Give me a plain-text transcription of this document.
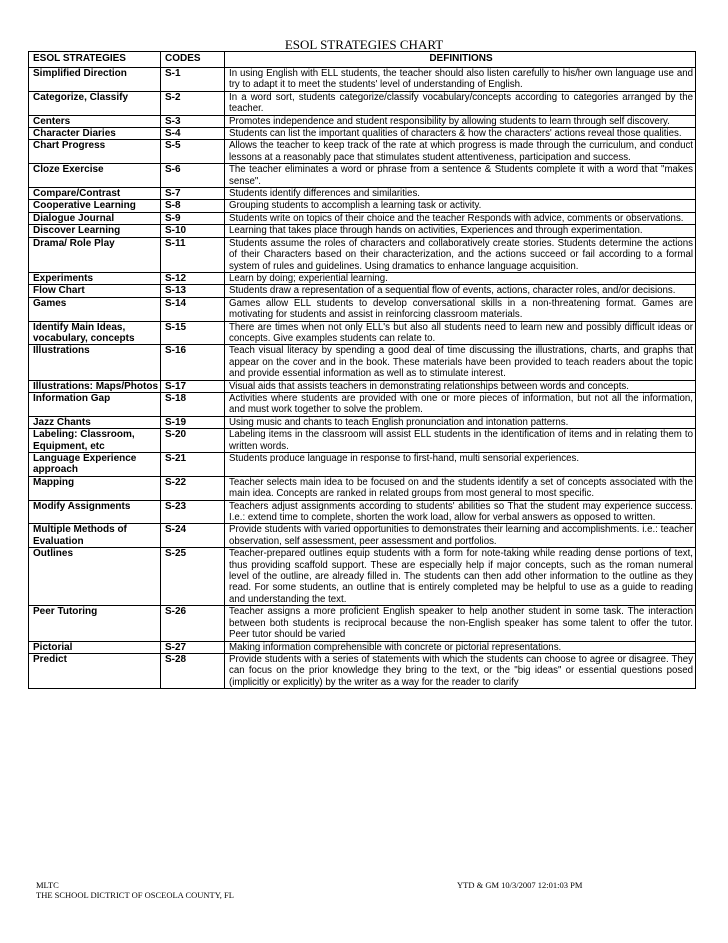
ESOL STRATEGIES CHART
ESOL STRATEGIES	CODES	DEFINITIONS
Simplified Direction	S-1	In using English with ELL students, the teacher should also listen carefully to his/her own language use and try to adapt it to meet the students' level of understanding of English.
Categorize, Classify	S-2	In a word sort, students categorize/classify vocabulary/concepts according to categories arranged by the teacher.
Centers	S-3	Promotes independence and student responsibility by allowing students to learn through self discovery.
Character Diaries	S-4	Students can list the important qualities of characters & how the characters' actions reveal those qualities.
Chart Progress	S-5	Allows the teacher to keep track of the rate at which progress is made through the curriculum, and conduct lessons at a reasonably pace that stimulates student attentiveness, participation and success.
Cloze Exercise	S-6	The teacher eliminates a word or phrase from a sentence & Students complete it with a word that "makes sense".
Compare/Contrast	S-7	Students identify differences and similarities.
Cooperative Learning	S-8	Grouping students to accomplish a learning task or activity.
Dialogue Journal	S-9	Students write on topics of their choice and the teacher Responds with advice, comments or observations.
Discover Learning	S-10	Learning that takes place through hands on activities, Experiences and through experimentation.
Drama/ Role Play	S-11	Students assume the roles of characters and collaboratively create stories. Students determine the actions of their Characters based on their characterization, and the actions succeed or fail according to a formal system of rules and guidelines. Using dramatics to enhance language acquisition.
Experiments	S-12	Learn by doing; experiential learning.
Flow Chart	S-13	Students draw a representation of a sequential flow of events, actions, character roles, and/or decisions.
Games	S-14	Games allow ELL students to develop conversational skills in a non-threatening format. Games are motivating for students and assist in reinforcing classroom materials.
Identify Main Ideas, vocabulary, concepts	S-15	There are times when not only ELL's but also all students need to learn new and possibly difficult ideas or concepts. Give examples students can relate to.
Illustrations	S-16	Teach visual literacy by spending a good deal of time discussing the illustrations, charts, and graphs that appear on the cover and in the book. These materials have been provided to teach readers about the topic and provide essential information as well as to stimulate interest.
Illustrations: Maps/Photos	S-17	Visual aids that assists teachers in demonstrating relationships between words and concepts.
Information Gap	S-18	Activities where students are provided with one or more pieces of information, but not all the information, and must work together to solve the problem.
Jazz Chants	S-19	Using music and chants to teach English pronunciation and intonation patterns.
Labeling: Classroom, Equipment, etc	S-20	Labeling items in the classroom will assist ELL students in the identification of items and in relating them to written words.
Language Experience approach	S-21	Students produce language in response to first-hand, multi sensorial experiences.
Mapping	S-22	Teacher selects main idea to be focused on and the students identify a set of concepts associated with the main idea. Concepts are ranked in related groups from most general to most specific.
Modify Assignments	S-23	Teachers adjust assignments according to students' abilities so That the student may experience success. I.e.: extend time to complete, shorten the work load, allow for verbal answers as opposed to written.
Multiple Methods of Evaluation	S-24	Provide students with varied opportunities to demonstrates their learning and accomplishments. i.e.: teacher observation, self assessment, peer assessment and portfolios.
Outlines	S-25	Teacher-prepared outlines equip students with a form for note-taking while reading dense portions of text, thus providing scaffold support. These are especially help if major concepts, such as the roman numeral level of the outline, are already filled in. The students can then add other information to the outline as they read. For some students, an outline that is entirely completed may be helpful to use as a guide to reading and understanding the text.
Peer Tutoring	S-26	Teacher assigns a more proficient English speaker to help another student in some task. The interaction between both students is reciprocal because the non-English speaker has some talent to offer the tutor. Peer tutor should be varied
Pictorial	S-27	Making information comprehensible with concrete or pictorial representations.
Predict	S-28	Provide students with a series of statements with which the students can choose to agree or disagree. They can focus on the prior knowledge they bring to the text, or the "big ideas" or essential questions posed (implicitly or explicitly) by the writer as a way for the reader to clarify
MLTC
THE SCHOOL DICTRICT OF OSCEOLA COUNTY, FL
YTD & GM 10/3/2007 12:01:03 PM
